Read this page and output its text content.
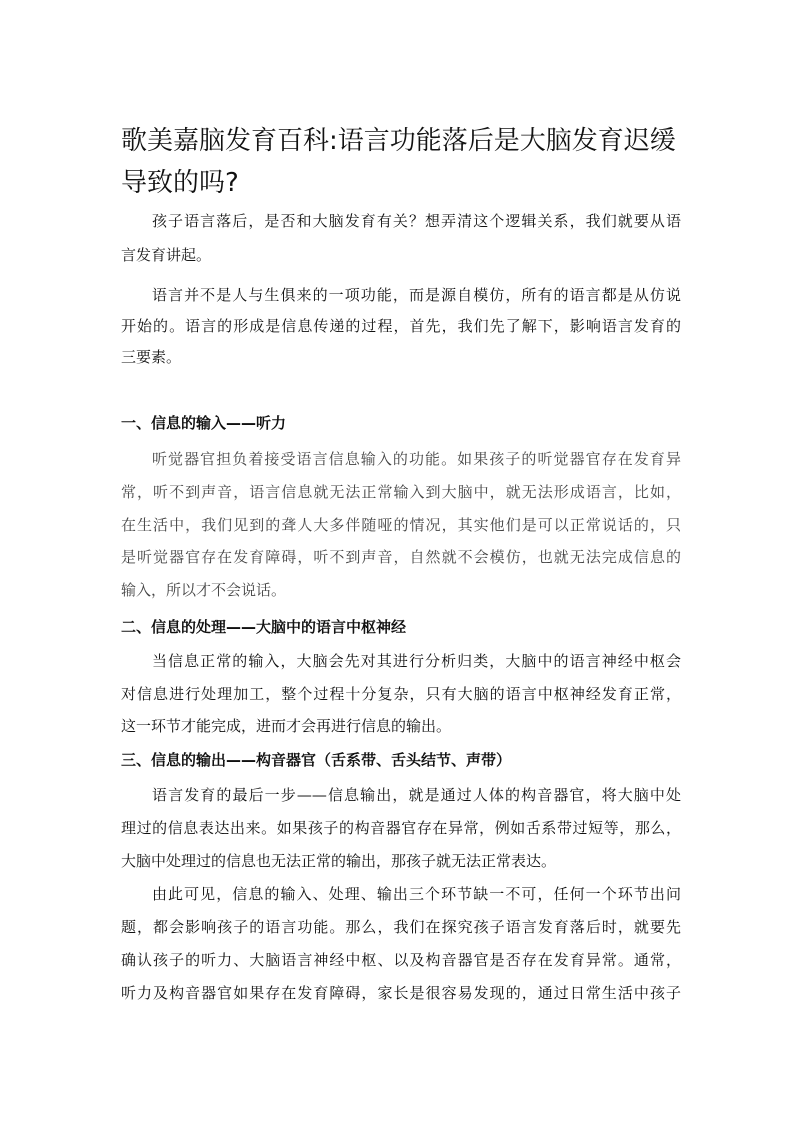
歌美嘉脑发育百科:语言功能落后是大脑发育迟缓导致的吗?
孩子语言落后，是否和大脑发育有关？想弄清这个逻辑关系，我们就要从语
言发育讲起。
语言并不是人与生俱来的一项功能，而是源自模仿，所有的语言都是从仿说
开始的。语言的形成是信息传递的过程，首先，我们先了解下，影响语言发育的
三要素。
一、信息的输入——听力
听觉器官担负着接受语言信息输入的功能。如果孩子的听觉器官存在发育异
常，听不到声音，语言信息就无法正常输入到大脑中，就无法形成语言，比如，
在生活中，我们见到的聋人大多伴随哑的情况，其实他们是可以正常说话的，只
是听觉器官存在发育障碍，听不到声音，自然就不会模仿，也就无法完成信息的
输入，所以才不会说话。
二、信息的处理——大脑中的语言中枢神经
当信息正常的输入，大脑会先对其进行分析归类，大脑中的语言神经中枢会
对信息进行处理加工，整个过程十分复杂，只有大脑的语言中枢神经发育正常，
这一环节才能完成，进而才会再进行信息的输出。
三、信息的输出——构音器官（舌系带、舌头结节、声带）
语言发育的最后一步——信息输出，就是通过人体的构音器官，将大脑中处
理过的信息表达出来。如果孩子的构音器官存在异常，例如舌系带过短等，那么，
大脑中处理过的信息也无法正常的输出，那孩子就无法正常表达。
由此可见，信息的输入、处理、输出三个环节缺一不可，任何一个环节出问
题，都会影响孩子的语言功能。那么，我们在探究孩子语言发育落后时，就要先
确认孩子的听力、大脑语言神经中枢、以及构音器官是否存在发育异常。通常，
听力及构音器官如果存在发育障碍，家长是很容易发现的，通过日常生活中孩子
